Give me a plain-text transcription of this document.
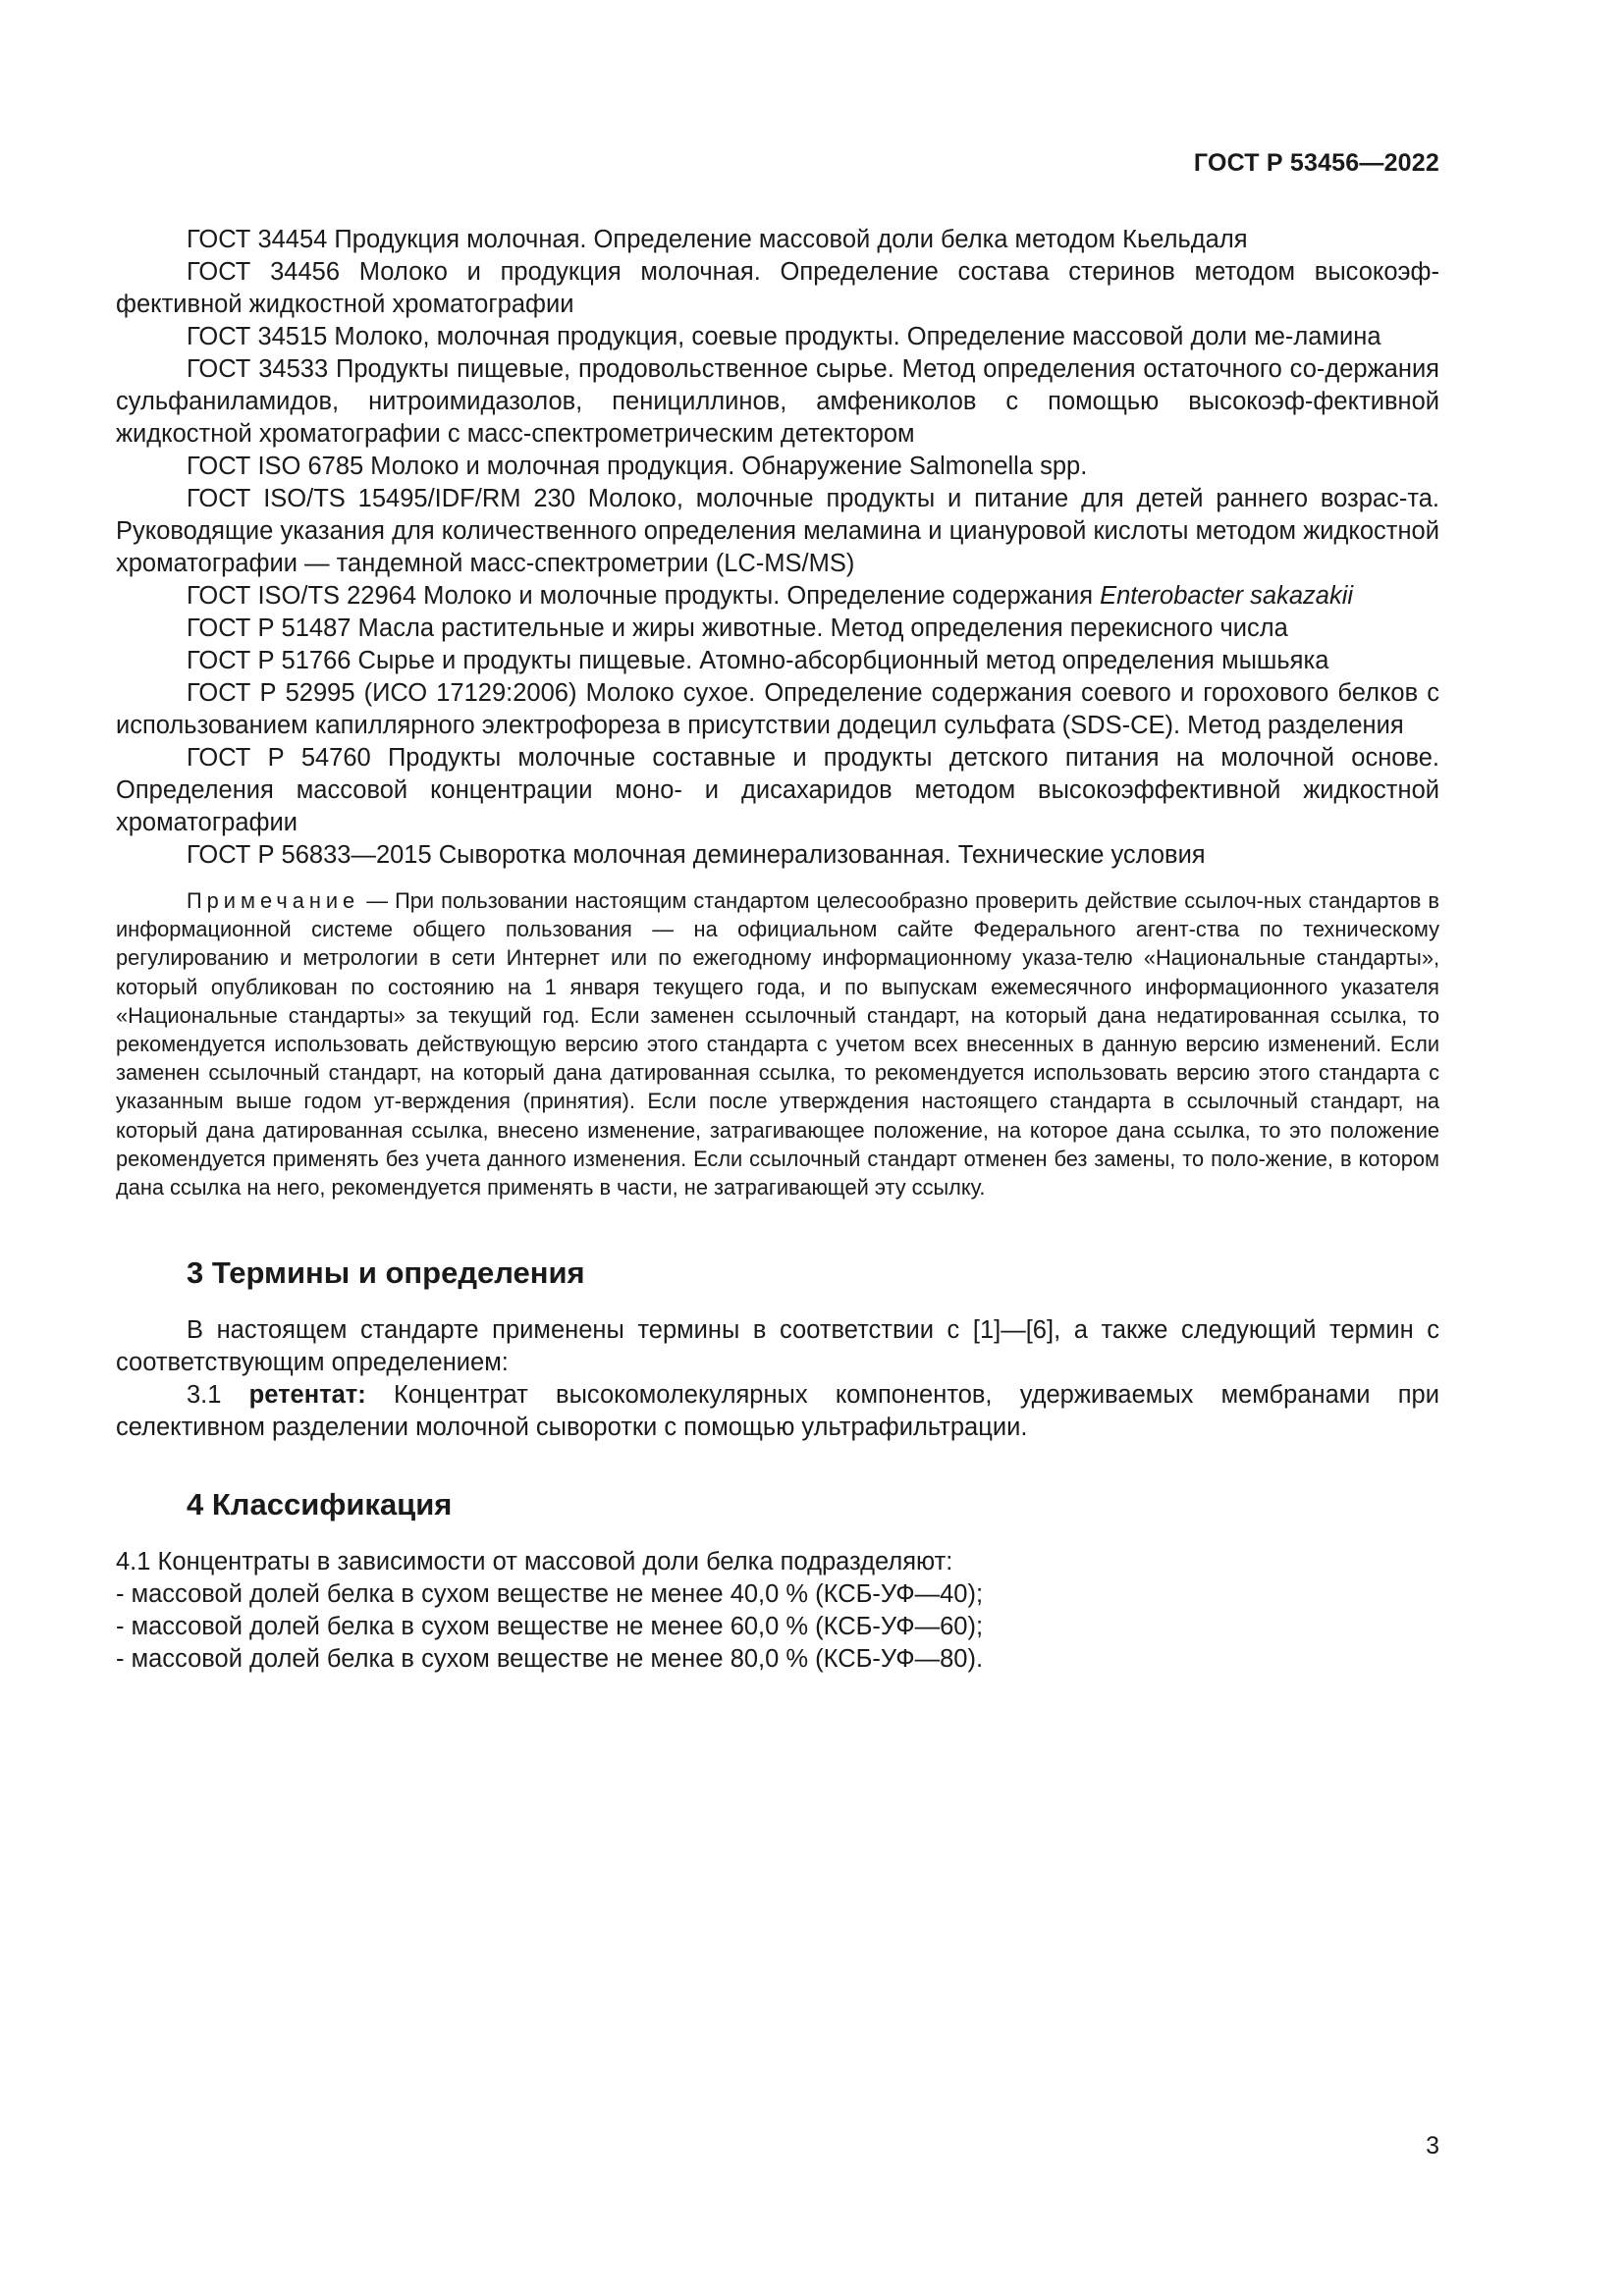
ГОСТ Р 53456—2022

ГОСТ 34454 Продукция молочная. Определение массовой доли белка методом Кьельдаля

ГОСТ 34456 Молоко и продукция молочная. Определение состава стеринов методом высокоэф-фективной жидкостной хроматографии

ГОСТ 34515 Молоко, молочная продукция, соевые продукты. Определение массовой доли ме-ламина

ГОСТ 34533 Продукты пищевые, продовольственное сырье. Метод определения остаточного со-держания сульфаниламидов, нитроимидазолов, пенициллинов, амфениколов с помощью высокоэф-фективной жидкостной хроматографии с масс-спектрометрическим детектором

ГОСТ ISO 6785 Молоко и молочная продукция. Обнаружение Salmonella spp.

ГОСТ ISO/TS 15495/IDF/RM 230 Молоко, молочные продукты и питание для детей раннего возрас-та. Руководящие указания для количественного определения меламина и циануровой кислоты методом жидкостной хроматографии — тандемной масс-спектрометрии (LC-MS/MS)

ГОСТ ISO/TS 22964 Молоко и молочные продукты. Определение содержания Enterobacter sakazakii

ГОСТ Р 51487 Масла растительные и жиры животные. Метод определения перекисного числа

ГОСТ Р 51766 Сырье и продукты пищевые. Атомно-абсорбционный метод определения мышьяка

ГОСТ Р 52995 (ИСО 17129:2006) Молоко сухое. Определение содержания соевого и горохового белков с использованием капиллярного электрофореза в присутствии додецил сульфата (SDS-CE). Метод разделения

ГОСТ Р 54760 Продукты молочные составные и продукты детского питания на молочной основе. Определения массовой концентрации моно- и дисахаридов методом высокоэффективной жидкостной хроматографии

ГОСТ Р 56833—2015 Сыворотка молочная деминерализованная. Технические условия

Примечание — При пользовании настоящим стандартом целесообразно проверить действие ссылоч-ных стандартов в информационной системе общего пользования — на официальном сайте Федерального агент-ства по техническому регулированию и метрологии в сети Интернет или по ежегодному информационному указа-телю «Национальные стандарты», который опубликован по состоянию на 1 января текущего года, и по выпускам ежемесячного информационного указателя «Национальные стандарты» за текущий год. Если заменен ссылочный стандарт, на который дана недатированная ссылка, то рекомендуется использовать действующую версию этого стандарта с учетом всех внесенных в данную версию изменений. Если заменен ссылочный стандарт, на который дана датированная ссылка, то рекомендуется использовать версию этого стандарта с указанным выше годом ут-верждения (принятия). Если после утверждения настоящего стандарта в ссылочный стандарт, на который дана датированная ссылка, внесено изменение, затрагивающее положение, на которое дана ссылка, то это положение рекомендуется применять без учета данного изменения. Если ссылочный стандарт отменен без замены, то поло-жение, в котором дана ссылка на него, рекомендуется применять в части, не затрагивающей эту ссылку.

3 Термины и определения

В настоящем стандарте применены термины в соответствии с [1]—[6], а также следующий термин с соответствующим определением:

3.1 ретентат: Концентрат высокомолекулярных компонентов, удерживаемых мембранами при селективном разделении молочной сыворотки с помощью ультрафильтрации.

4 Классификация

4.1 Концентраты в зависимости от массовой доли белка подразделяют:

- массовой долей белка в сухом веществе не менее 40,0 % (КСБ-УФ—40);

- массовой долей белка в сухом веществе не менее 60,0 % (КСБ-УФ—60);

- массовой долей белка в сухом веществе не менее 80,0 % (КСБ-УФ—80).

3
